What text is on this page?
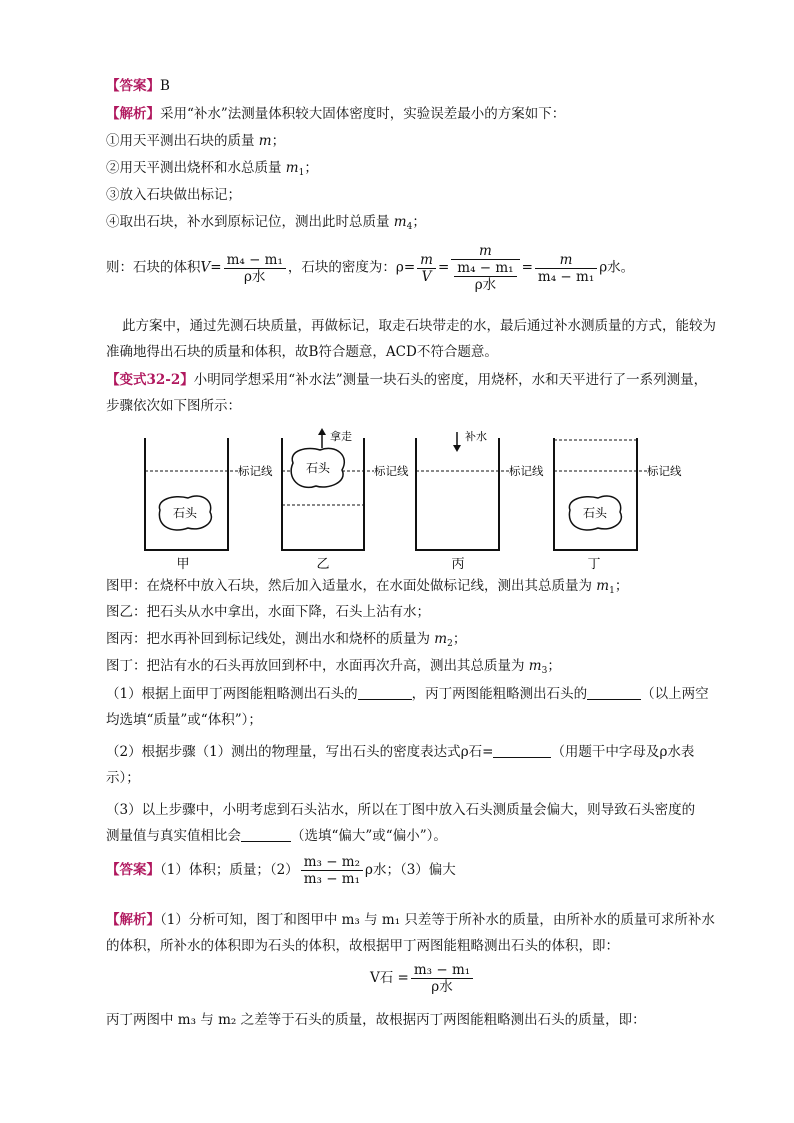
【答案】B
【解析】采用“补水”法测量体积较大固体密度时，实验误差最小的方案如下：
①用天平测出石块的质量 m；
②用天平测出烧杯和水总质量 $m_1$；
③放入石块做出标记；
④取出石块，补水到原标记位，测出此时总质量 $m_4$；
则：石块的体积$V= \frac{\text{m₄ − m₁}}{\text{ρ水}}$ ，石块的密度为：$\rho= \frac{m}{V} = \frac{m}{\frac{\text{m₄ − m₁}}{\text{ρ水}}} = \frac{m}{\text{m₄ − m₁}}$ ρ水。
此方案中，通过先测石块质量，再做标记，取走石块带走的水，最后通过补水测质量的方式，能较为
准确地得出石块的质量和体积，故B符合题意，ACD不符合题意。
【变式32-2】小明同学想采用“补水法”测量一块石头的密度，用烧杯，水和天平进行了一系列测量，
步骤依次如下图所示：
石头
石头
石头
拿走	补水
标记线	标记线	标记线	标记线
甲	乙	丙	丁
图甲：在烧杯中放入石块，然后加入适量水，在水面处做标记线，测出其总质量为 $m_1$；
图乙：把石头从水中拿出，水面下降，石头上沾有水；
图丙：把水再补回到标记线处，测出水和烧杯的质量为 $m_2$；
图丁：把沾有水的石头再放回到杯中，水面再次升高，测出其总质量为 $m_3$；
（1）根据上面甲丁两图能粗略测出石头的	，丙丁两图能粗略测出石头的	（以上两空
均选填“质量”或“体积”）；
（2）根据步骤（1）测出的物理量，写出石头的密度表达式ρ石=	（用题干中字母及ρ水表
示）；
（3）以上步骤中，小明考虑到石头沾水，所以在丁图中放入石头测质量会偏大，则导致石头密度的
测量值与真实值相比会	（选填“偏大”或“偏小”）。
【答案】（1）体积；质量；$(2) \frac{\text{m₃ − m₂}}{\text{m₃ − m₁}}$ ρ水；（3）偏大
【解析】（1）分析可知，图丁和图甲中 m₃ 与 m₁ 只差等于所补水的质量，由所补水的质量可求所补水
的体积，所补水的体积即为石头的体积，故根据甲丁两图能粗略测出石头的体积，即：
V石 = $\frac{\text{m₃ − m₁}}{\text{ρ水}}$
丙丁两图中 m₃ 与 m₂ 之差等于石头的质量，故根据丙丁两图能粗略测出石头的质量，即：
